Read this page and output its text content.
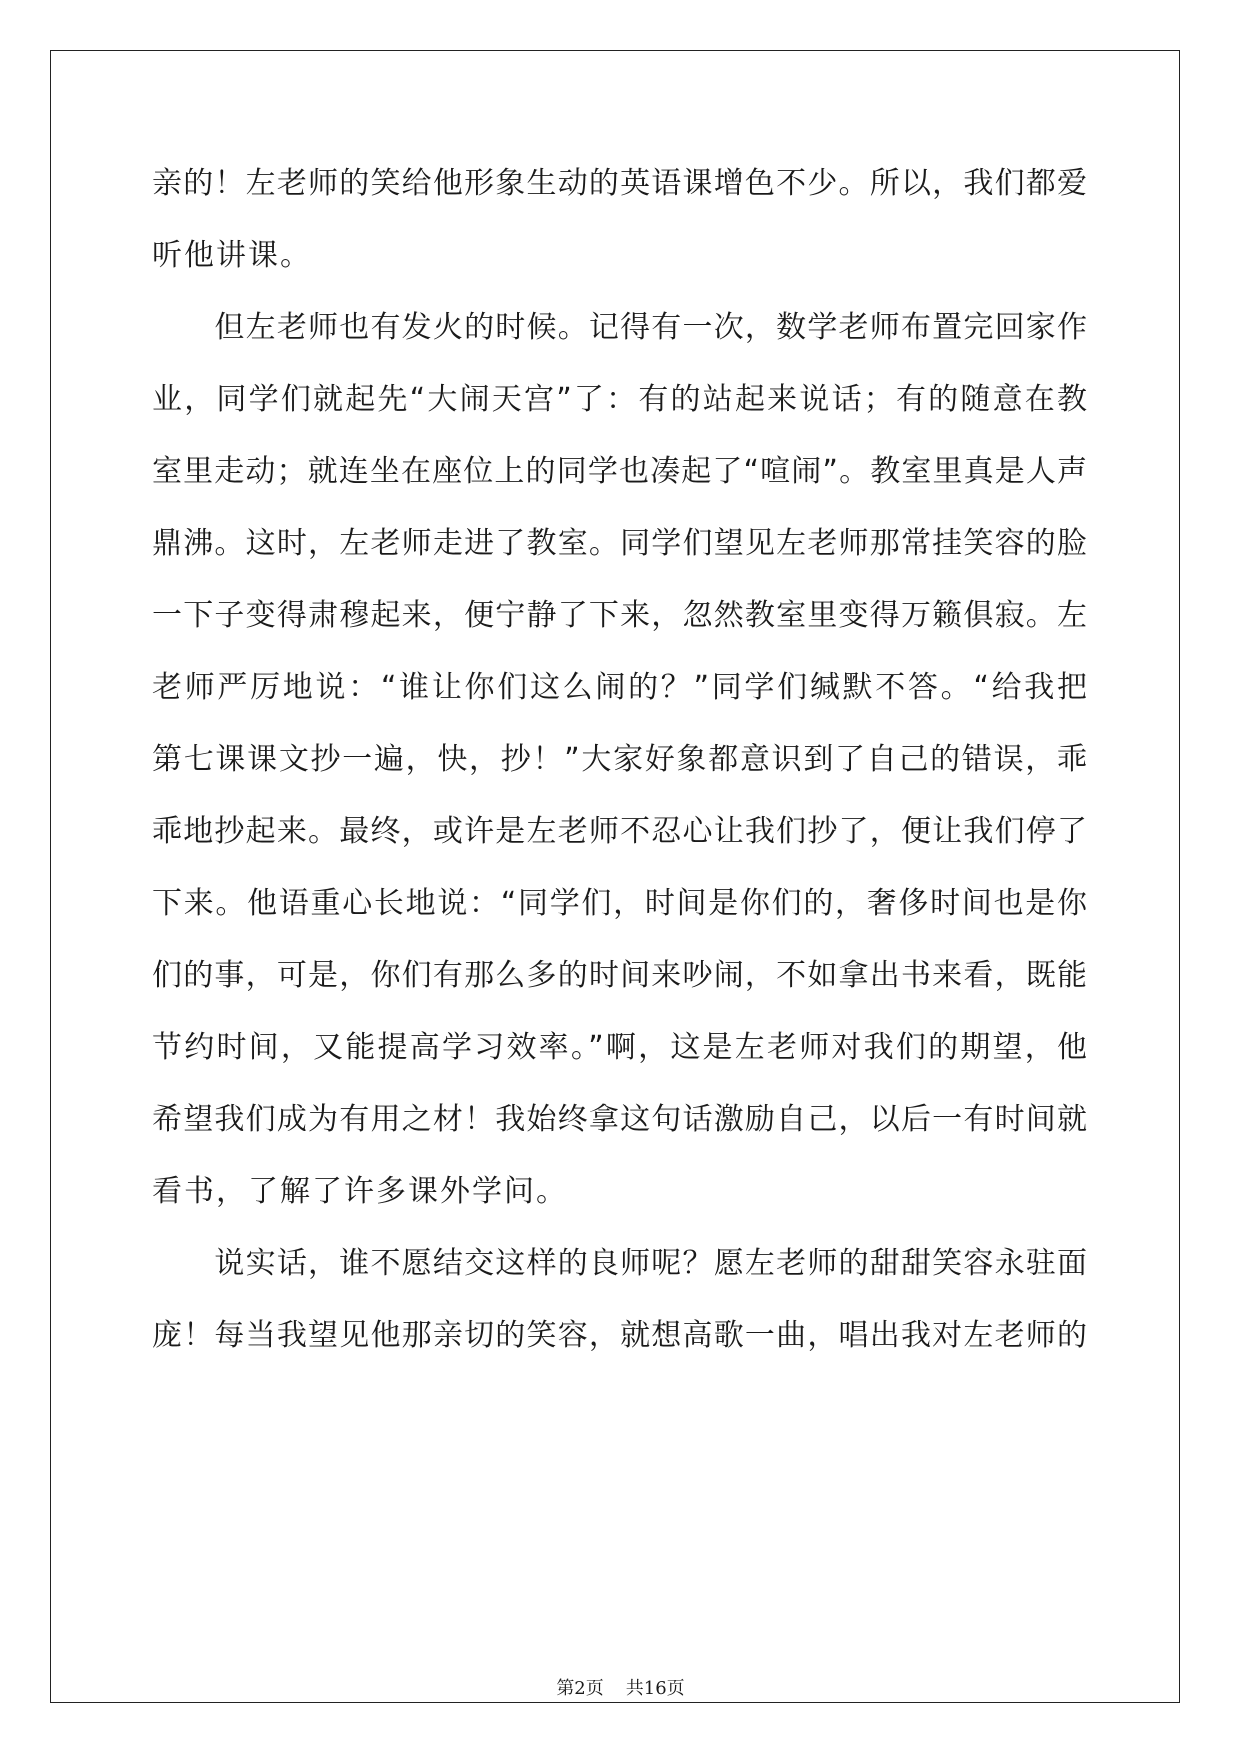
亲的！左老师的笑给他形象生动的英语课增色不少。所以，我们都爱
听他讲课。
　　但左老师也有发火的时候。记得有一次，数学老师布置完回家作
业，同学们就起先“大闹天宫”了：有的站起来说话；有的随意在教
室里走动；就连坐在座位上的同学也凑起了“喧闹”。教室里真是人声
鼎沸。这时，左老师走进了教室。同学们望见左老师那常挂笑容的脸
一下子变得肃穆起来，便宁静了下来，忽然教室里变得万籁俱寂。左
老师严厉地说：“谁让你们这么闹的？”同学们缄默不答。“给我把
第七课课文抄一遍，快，抄！”大家好象都意识到了自己的错误，乖
乖地抄起来。最终，或许是左老师不忍心让我们抄了，便让我们停了
下来。他语重心长地说：“同学们，时间是你们的，奢侈时间也是你
们的事，可是，你们有那么多的时间来吵闹，不如拿出书来看，既能
节约时间，又能提高学习效率。”啊，这是左老师对我们的期望，他
希望我们成为有用之材！我始终拿这句话激励自己，以后一有时间就
看书，了解了许多课外学问。
　　说实话，谁不愿结交这样的良师呢？愿左老师的甜甜笑容永驻面
庞！每当我望见他那亲切的笑容，就想高歌一曲，唱出我对左老师的
第2页 共16页
